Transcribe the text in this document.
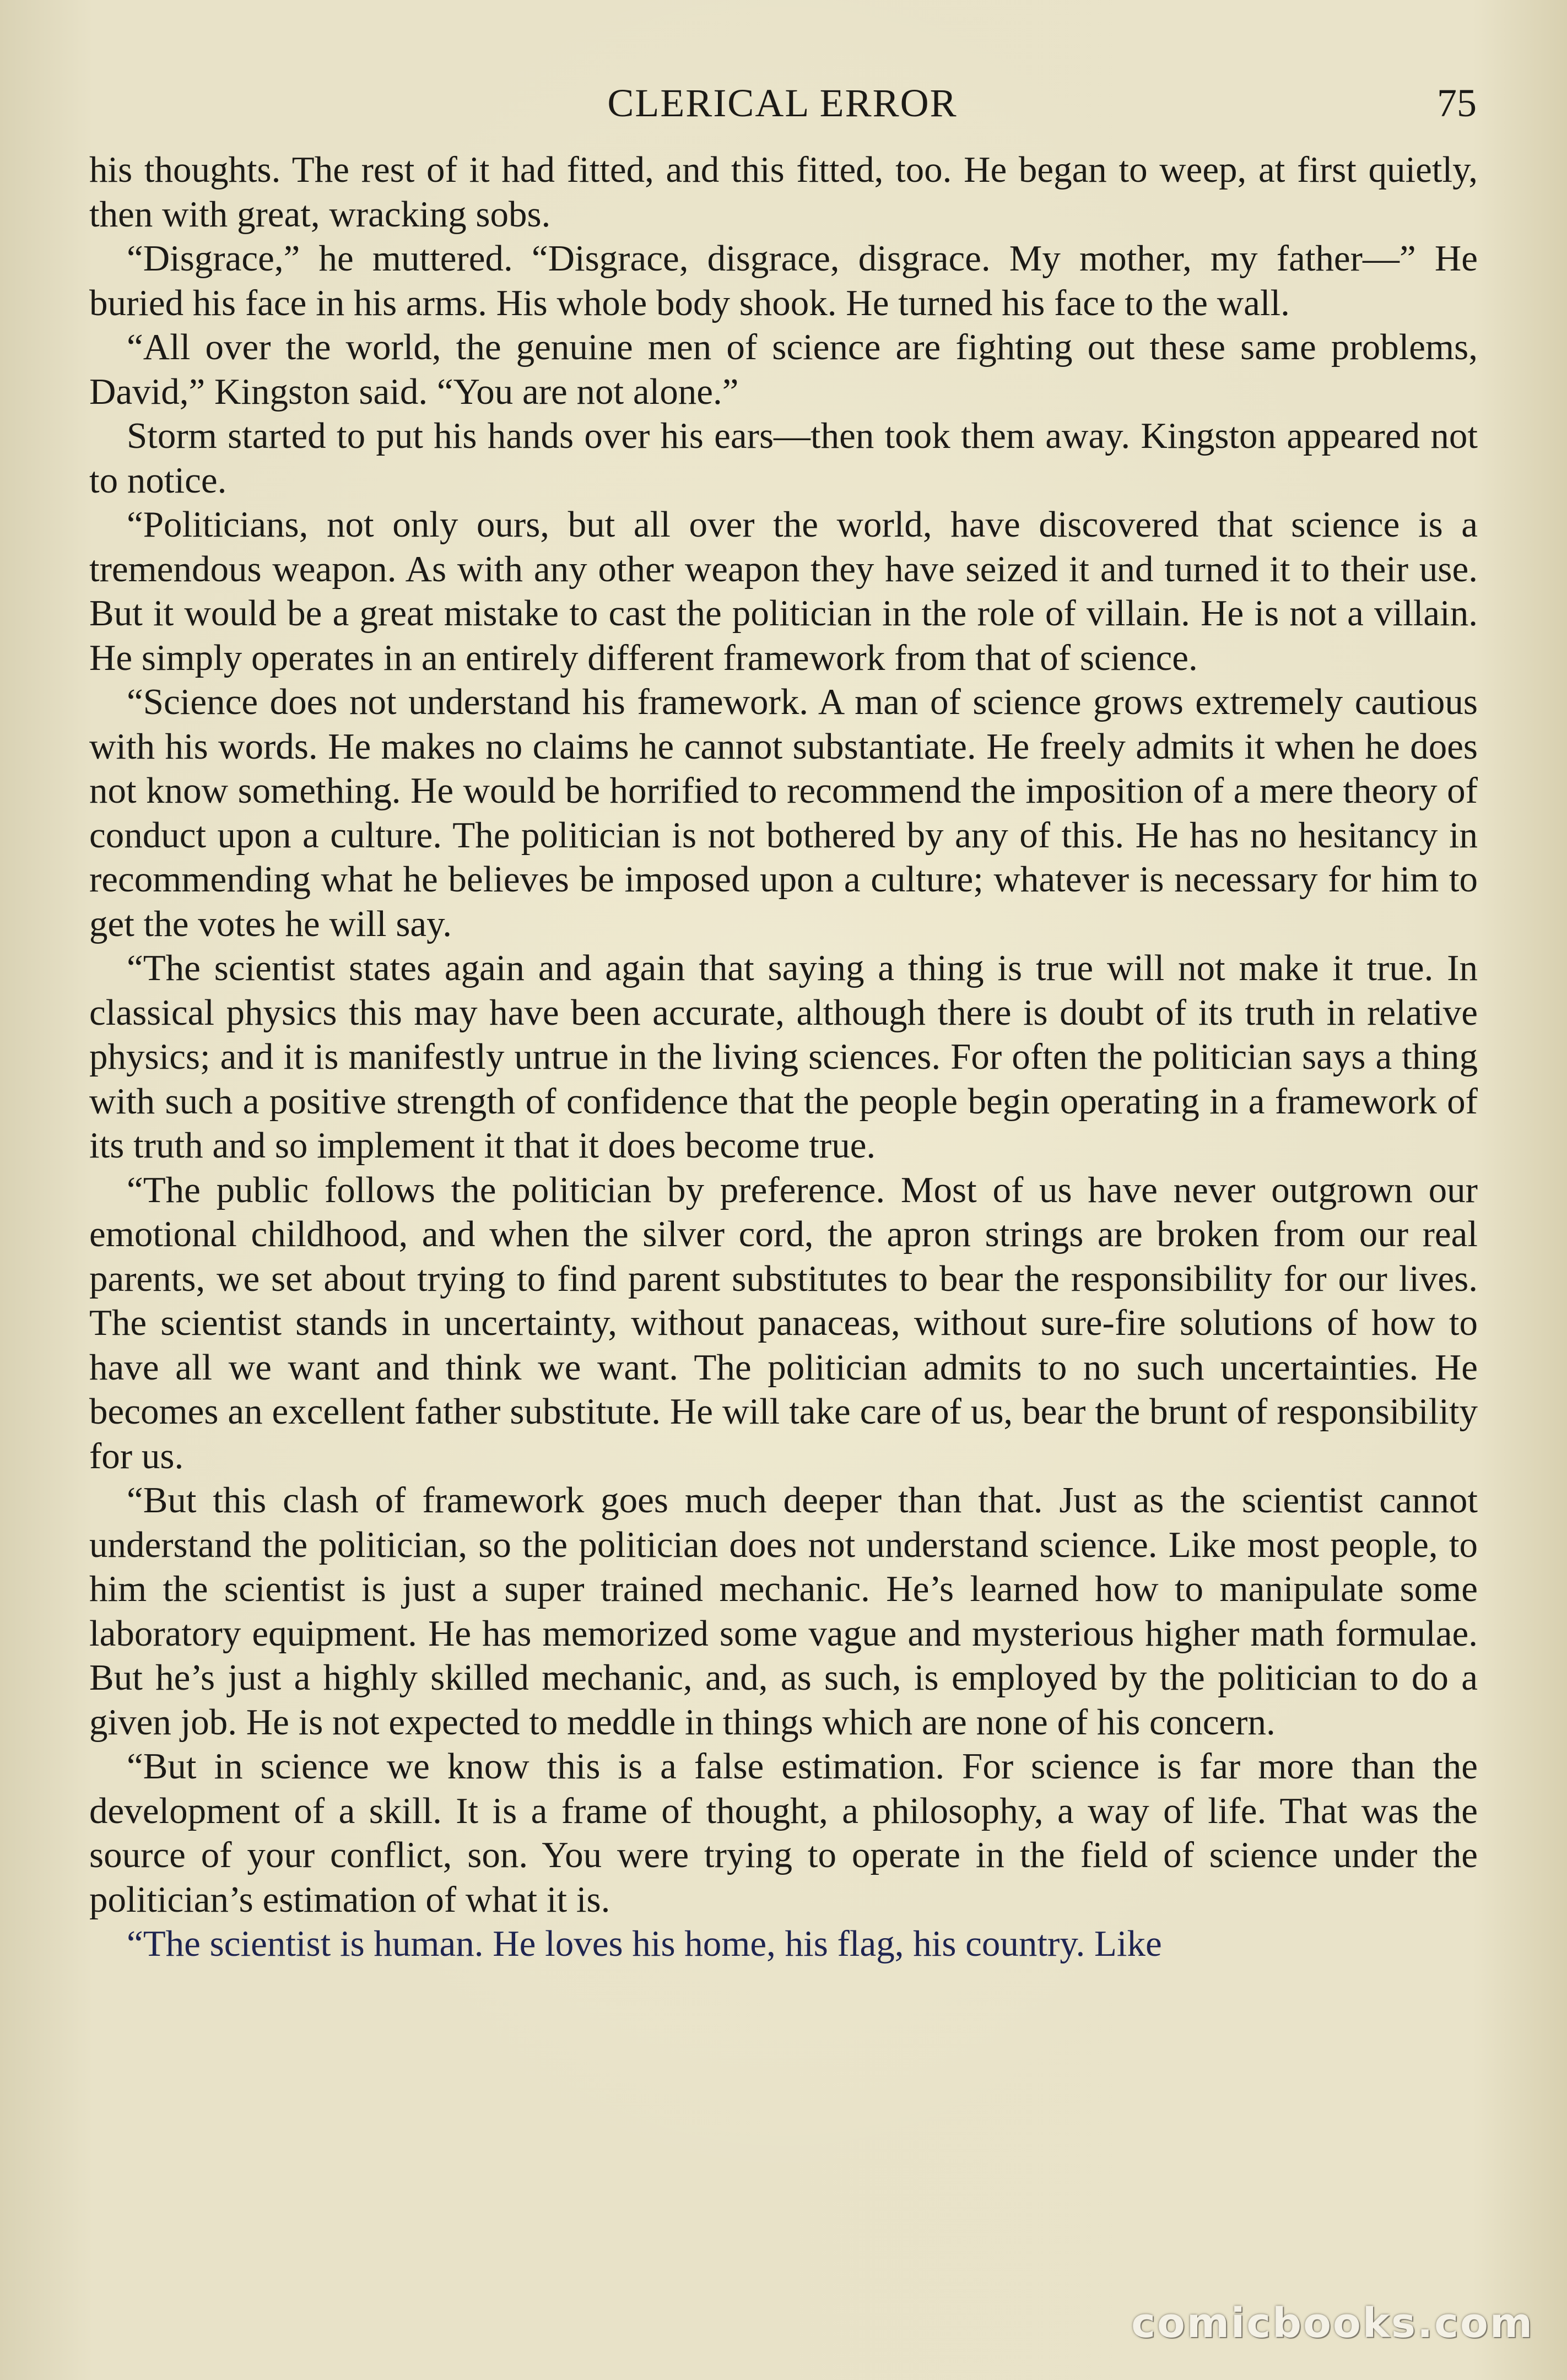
CLERICAL ERROR	75

his thoughts. The rest of it had fitted, and this fitted, too. He began to weep, at first quietly, then with great, wracking sobs.

“Disgrace,” he muttered. “Disgrace, disgrace, disgrace. My mother, my father—” He buried his face in his arms. His whole body shook. He turned his face to the wall.

“All over the world, the genuine men of science are fighting out these same problems, David,” Kingston said. “You are not alone.”

Storm started to put his hands over his ears—then took them away. Kingston appeared not to notice.

“Politicians, not only ours, but all over the world, have discovered that science is a tremendous weapon. As with any other weapon they have seized it and turned it to their use. But it would be a great mistake to cast the politician in the role of villain. He is not a villain. He simply operates in an entirely different framework from that of science.

“Science does not understand his framework. A man of science grows extremely cautious with his words. He makes no claims he cannot substantiate. He freely admits it when he does not know something. He would be horrified to recommend the imposition of a mere theory of conduct upon a culture. The politician is not bothered by any of this. He has no hesitancy in recommending what he believes be imposed upon a culture; whatever is necessary for him to get the votes he will say.

“The scientist states again and again that saying a thing is true will not make it true. In classical physics this may have been accurate, although there is doubt of its truth in relative physics; and it is manifestly untrue in the living sciences. For often the politician says a thing with such a positive strength of confidence that the people begin operating in a framework of its truth and so implement it that it does become true.

“The public follows the politician by preference. Most of us have never outgrown our emotional childhood, and when the silver cord, the apron strings are broken from our real parents, we set about trying to find parent substitutes to bear the responsibility for our lives. The scientist stands in uncertainty, without panaceas, without sure-fire solutions of how to have all we want and think we want. The politician admits to no such uncertainties. He becomes an excellent father substitute. He will take care of us, bear the brunt of responsibility for us.

“But this clash of framework goes much deeper than that. Just as the scientist cannot understand the politician, so the politician does not understand science. Like most people, to him the scientist is just a super trained mechanic. He’s learned how to manipulate some laboratory equipment. He has memorized some vague and mysterious higher math formulae. But he’s just a highly skilled mechanic, and, as such, is employed by the politician to do a given job. He is not expected to meddle in things which are none of his concern.

“But in science we know this is a false estimation. For science is far more than the development of a skill. It is a frame of thought, a philosophy, a way of life. That was the source of your conflict, son. You were trying to operate in the field of science under the politician’s estimation of what it is.

“The scientist is human. He loves his home, his flag, his country. Like

comicbooks.com
